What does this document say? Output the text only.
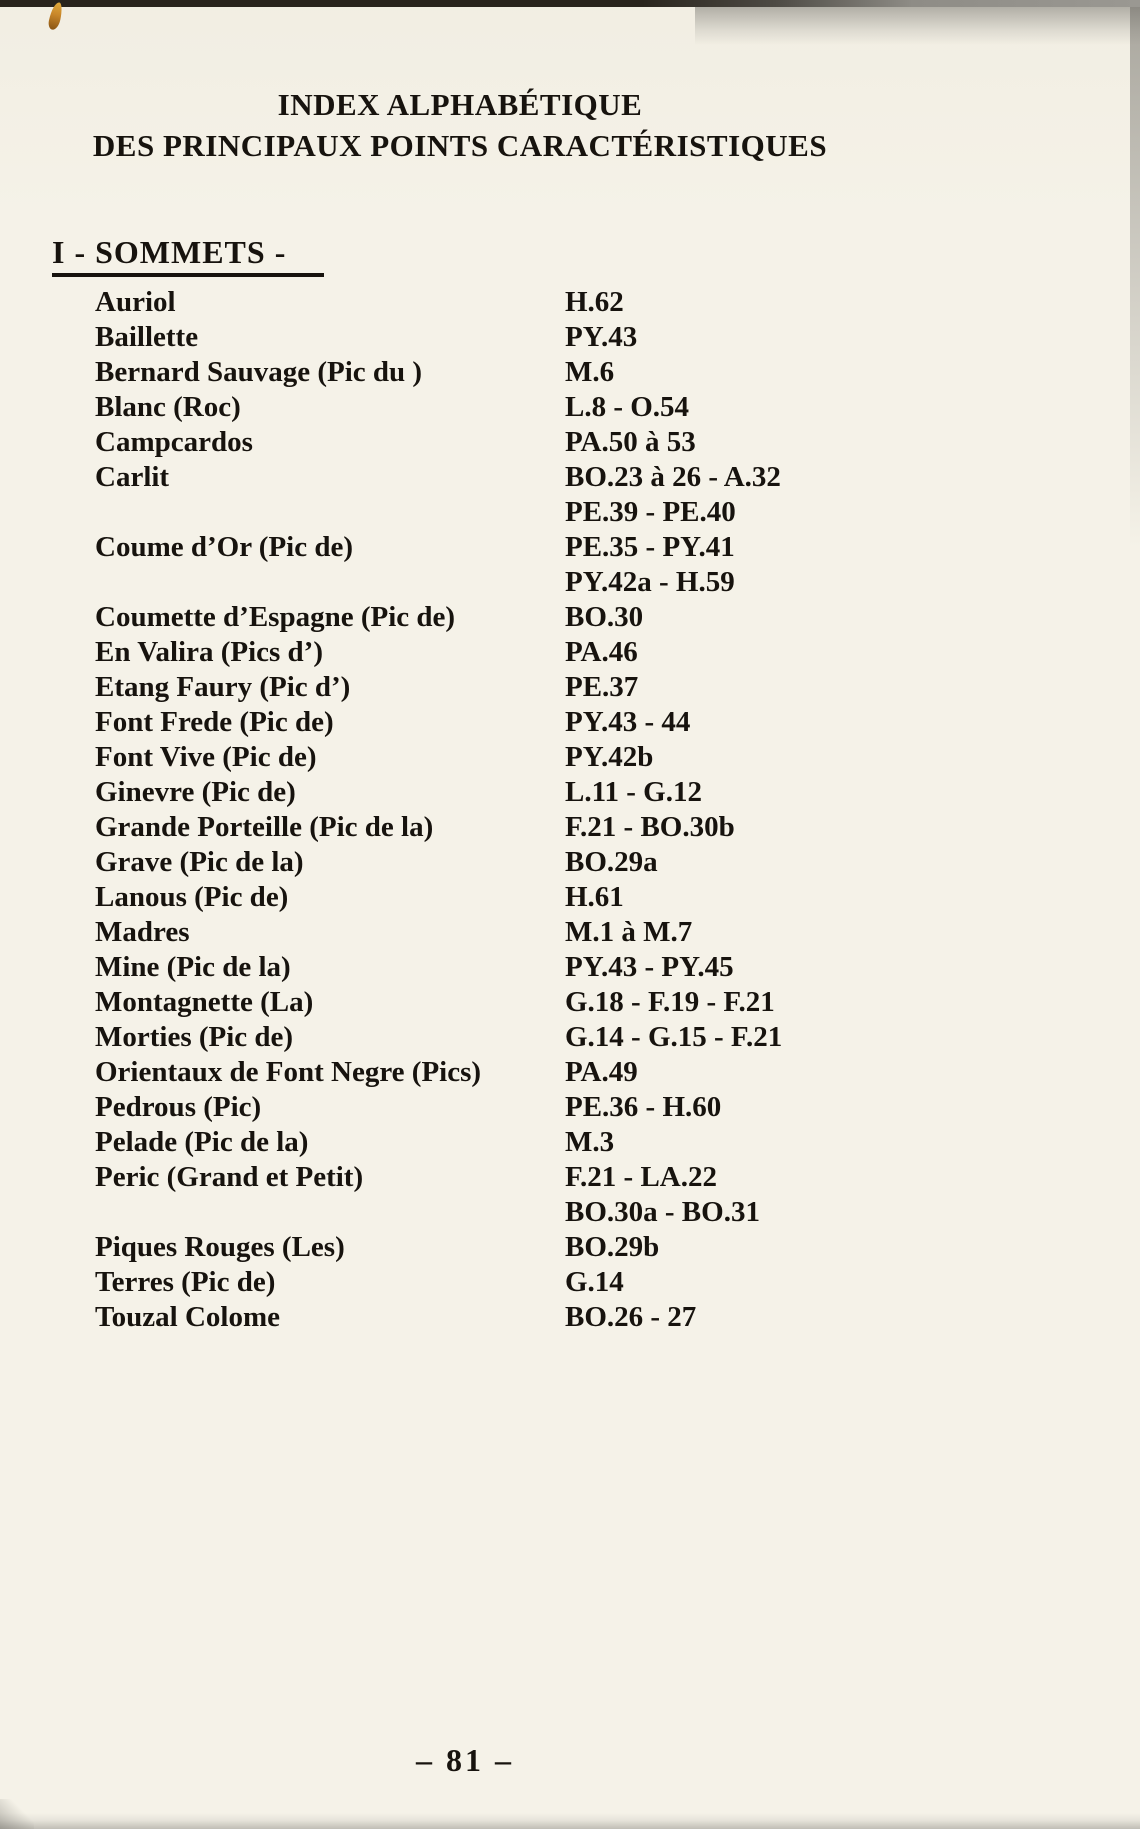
INDEX ALPHABÉTIQUE
DES PRINCIPAUX POINTS CARACTÉRISTIQUES
I - SOMMETS -
Auriol	H.62
Baillette	PY.43
Bernard Sauvage (Pic du )	M.6
Blanc (Roc)	L.8 - O.54
Campcardos	PA.50 à 53
Carlit	BO.23 à 26 - A.32
PE.39 - PE.40
Coume d’Or (Pic de)	PE.35 - PY.41
PY.42a - H.59
Coumette d’Espagne (Pic de)	BO.30
En Valira (Pics d’)	PA.46
Etang Faury (Pic d’)	PE.37
Font Frede (Pic de)	PY.43 - 44
Font Vive (Pic de)	PY.42b
Ginevre (Pic de)	L.11 - G.12
Grande Porteille (Pic de la)	F.21 - BO.30b
Grave (Pic de la)	BO.29a
Lanous (Pic de)	H.61
Madres	M.1 à M.7
Mine (Pic de la)	PY.43 - PY.45
Montagnette (La)	G.18 - F.19 - F.21
Morties (Pic de)	G.14 - G.15 - F.21
Orientaux de Font Negre (Pics)	PA.49
Pedrous (Pic)	PE.36 - H.60
Pelade (Pic de la)	M.3
Peric (Grand et Petit)	F.21 - LA.22
BO.30a - BO.31
Piques Rouges (Les)	BO.29b
Terres (Pic de)	G.14
Touzal Colome	BO.26 - 27
– 81 –
